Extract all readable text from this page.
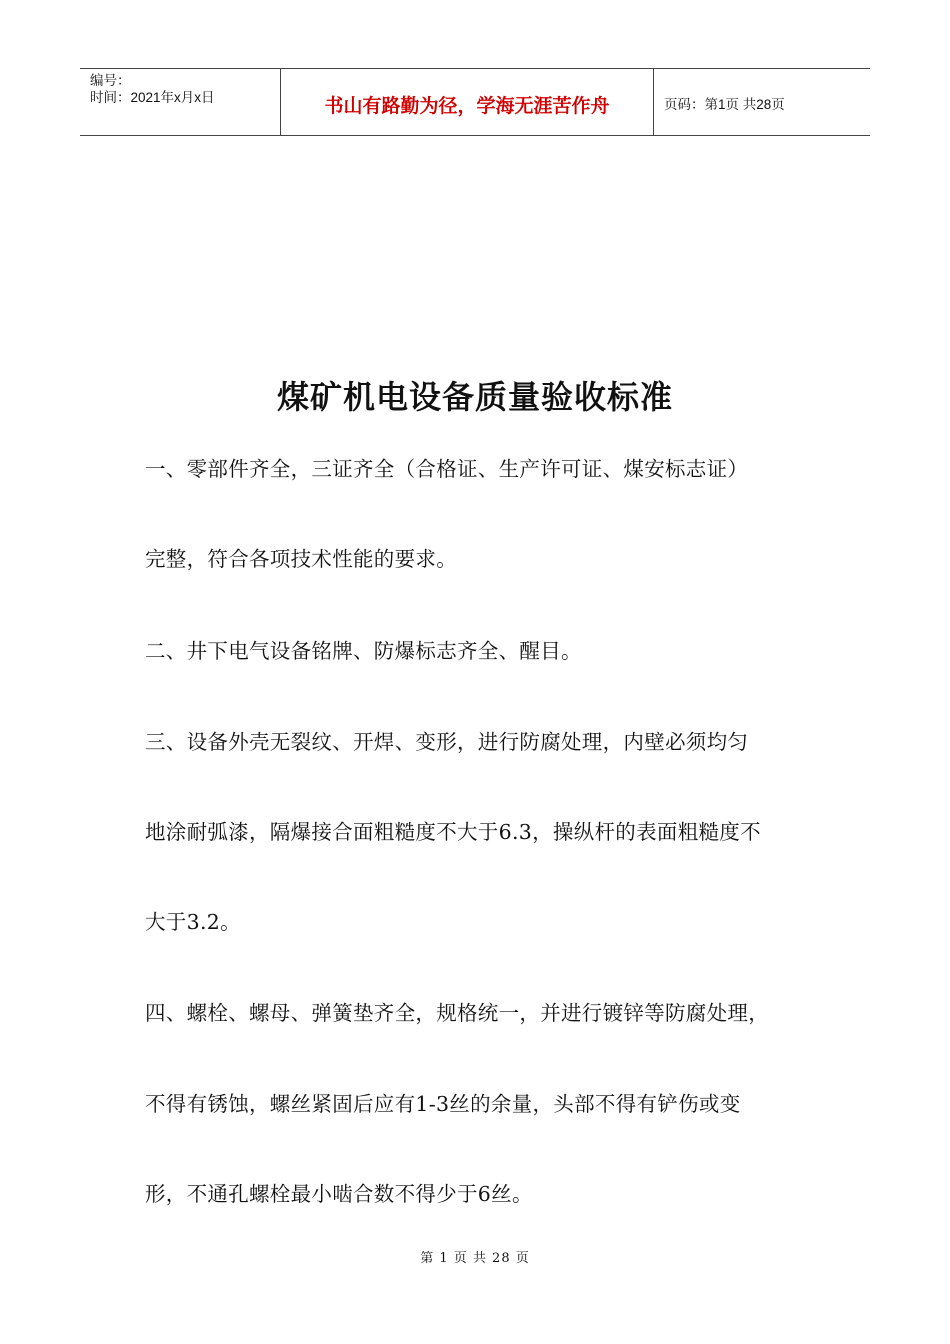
编号：
时间：2021年x月x日	书山有路勤为径，学海无涯苦作舟	页码：第1页 共28页
煤矿机电设备质量验收标准
一、零部件齐全，三证齐全（合格证、生产许可证、煤安标志证）
完整，符合各项技术性能的要求。
二、井下电气设备铭牌、防爆标志齐全、醒目。
三、设备外壳无裂纹、开焊、变形，进行防腐处理，内壁必须均匀
地涂耐弧漆，隔爆接合面粗糙度不大于6.3，操纵杆的表面粗糙度不
大于3.2。
四、螺栓、螺母、弹簧垫齐全，规格统一，并进行镀锌等防腐处理，
不得有锈蚀，螺丝紧固后应有1-3丝的余量，头部不得有铲伤或变
形，不通孔螺栓最小啮合数不得少于6丝。
第 1 页 共 28 页
